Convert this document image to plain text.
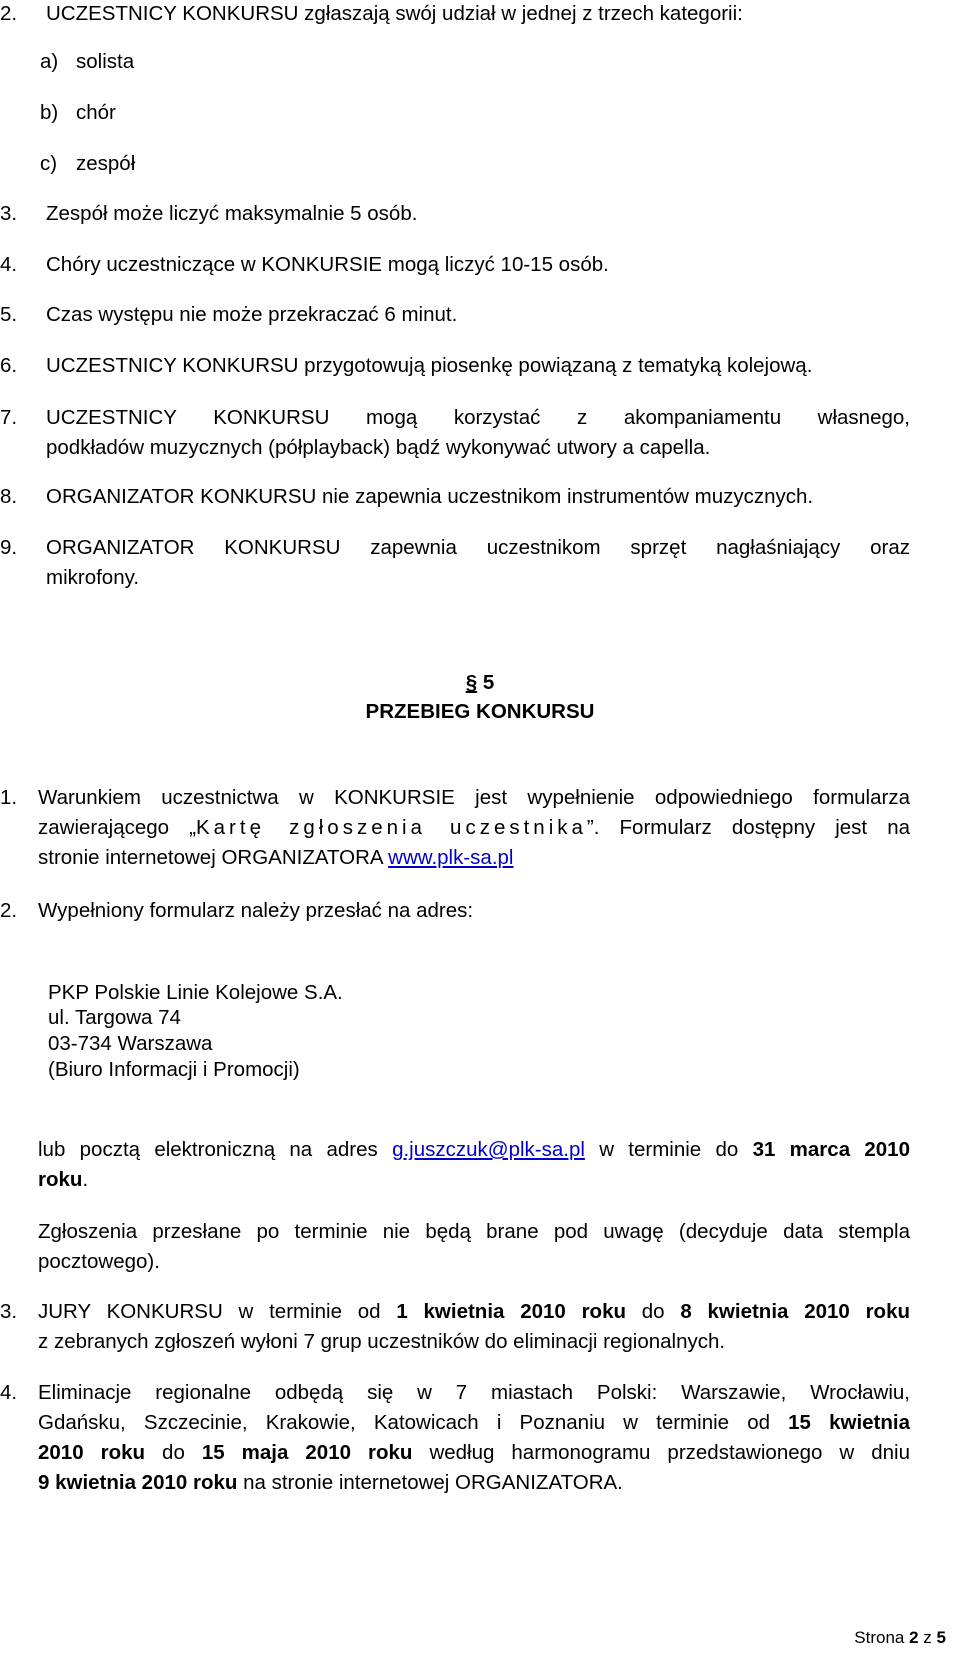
2. UCZESTNICY KONKURSU zgłaszają swój udział w jednej z trzech kategorii:
a) solista
b) chór
c) zespół
3. Zespół może liczyć maksymalnie 5 osób.
4. Chóry uczestniczące w KONKURSIE mogą liczyć 10-15 osób.
5. Czas występu nie może przekraczać 6 minut.
6. UCZESTNICY KONKURSU przygotowują piosenkę powiązaną z tematyką kolejową.
7. UCZESTNICY KONKURSU mogą korzystać z akompaniamentu własnego,
podkładów muzycznych (półplayback) bądź wykonywać utwory a capella.
8. ORGANIZATOR KONKURSU nie zapewnia uczestnikom instrumentów muzycznych.
9. ORGANIZATOR KONKURSU zapewnia uczestnikom sprzęt nagłaśniający oraz
mikrofony.
§ 5
PRZEBIEG KONKURSU
1. Warunkiem uczestnictwa w KONKURSIE jest wypełnienie odpowiedniego formularza
zawierającego „Kartę zgłoszenia uczestnika”. Formularz dostępny jest na
stronie internetowej ORGANIZATORA www.plk-sa.pl
2. Wypełniony formularz należy przesłać na adres:
PKP Polskie Linie Kolejowe S.A.
ul. Targowa 74
03-734 Warszawa
(Biuro Informacji i Promocji)
lub pocztą elektroniczną na adres g.juszczuk@plk-sa.pl w terminie do 31 marca 2010
roku.
Zgłoszenia przesłane po terminie nie będą brane pod uwagę (decyduje data stempla
pocztowego).
3. JURY KONKURSU w terminie od 1 kwietnia 2010 roku do 8 kwietnia 2010 roku
z zebranych zgłoszeń wyłoni 7 grup uczestników do eliminacji regionalnych.
4. Eliminacje regionalne odbędą się w 7 miastach Polski: Warszawie, Wrocławiu,
Gdańsku, Szczecinie, Krakowie, Katowicach i Poznaniu w terminie od 15 kwietnia
2010 roku do 15 maja 2010 roku według harmonogramu przedstawionego w dniu
9 kwietnia 2010 roku na stronie internetowej ORGANIZATORA.
Strona 2 z 5
